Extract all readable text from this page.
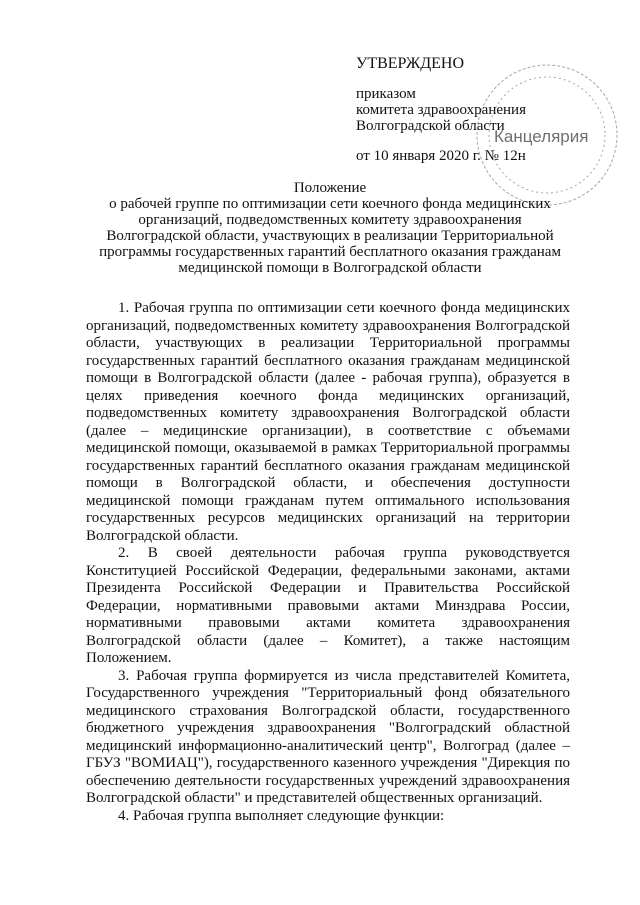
УТВЕРЖДЕНО
приказом
комитета здравоохранения
Волгоградской области
от 10 января 2020 г. № 12н
Канцелярия
Положение
о рабочей группе по оптимизации сети коечного фонда медицинских
организаций, подведомственных комитету здравоохранения
Волгоградской области, участвующих в реализации Территориальной
программы государственных гарантий бесплатного оказания гражданам
медицинской помощи в Волгоградской области

1. Рабочая группа по оптимизации сети коечного фонда медицинских организаций, подведомственных комитету здравоохранения Волгоградской области, участвующих в реализации Территориальной программы государственных гарантий бесплатного оказания гражданам медицинской помощи в Волгоградской области (далее - рабочая группа), образуется в целях приведения коечного фонда медицинских организаций, подведомственных комитету здравоохранения Волгоградской области (далее – медицинские организации), в соответствие с объемами медицинской помощи, оказываемой в рамках Территориальной программы государственных гарантий бесплатного оказания гражданам медицинской помощи в Волгоградской области, и обеспечения доступности медицинской помощи гражданам путем оптимального использования государственных ресурсов медицинских организаций на территории Волгоградской области.

2. В своей деятельности рабочая группа руководствуется Конституцией Российской Федерации, федеральными законами, актами Президента Российской Федерации и Правительства Российской Федерации, нормативными правовыми актами Минздрава России, нормативными правовыми актами комитета здравоохранения Волгоградской области (далее – Комитет), а также настоящим Положением.

3. Рабочая группа формируется из числа представителей Комитета, Государственного учреждения "Территориальный фонд обязательного медицинского страхования Волгоградской области, государственного бюджетного учреждения здравоохранения "Волгоградский областной медицинский информационно-аналитический центр", Волгоград (далее – ГБУЗ "ВОМИАЦ"), государственного казенного учреждения "Дирекция по обеспечению деятельности государственных учреждений здравоохранения Волгоградской области" и представителей общественных организаций.

4. Рабочая группа выполняет следующие функции:
